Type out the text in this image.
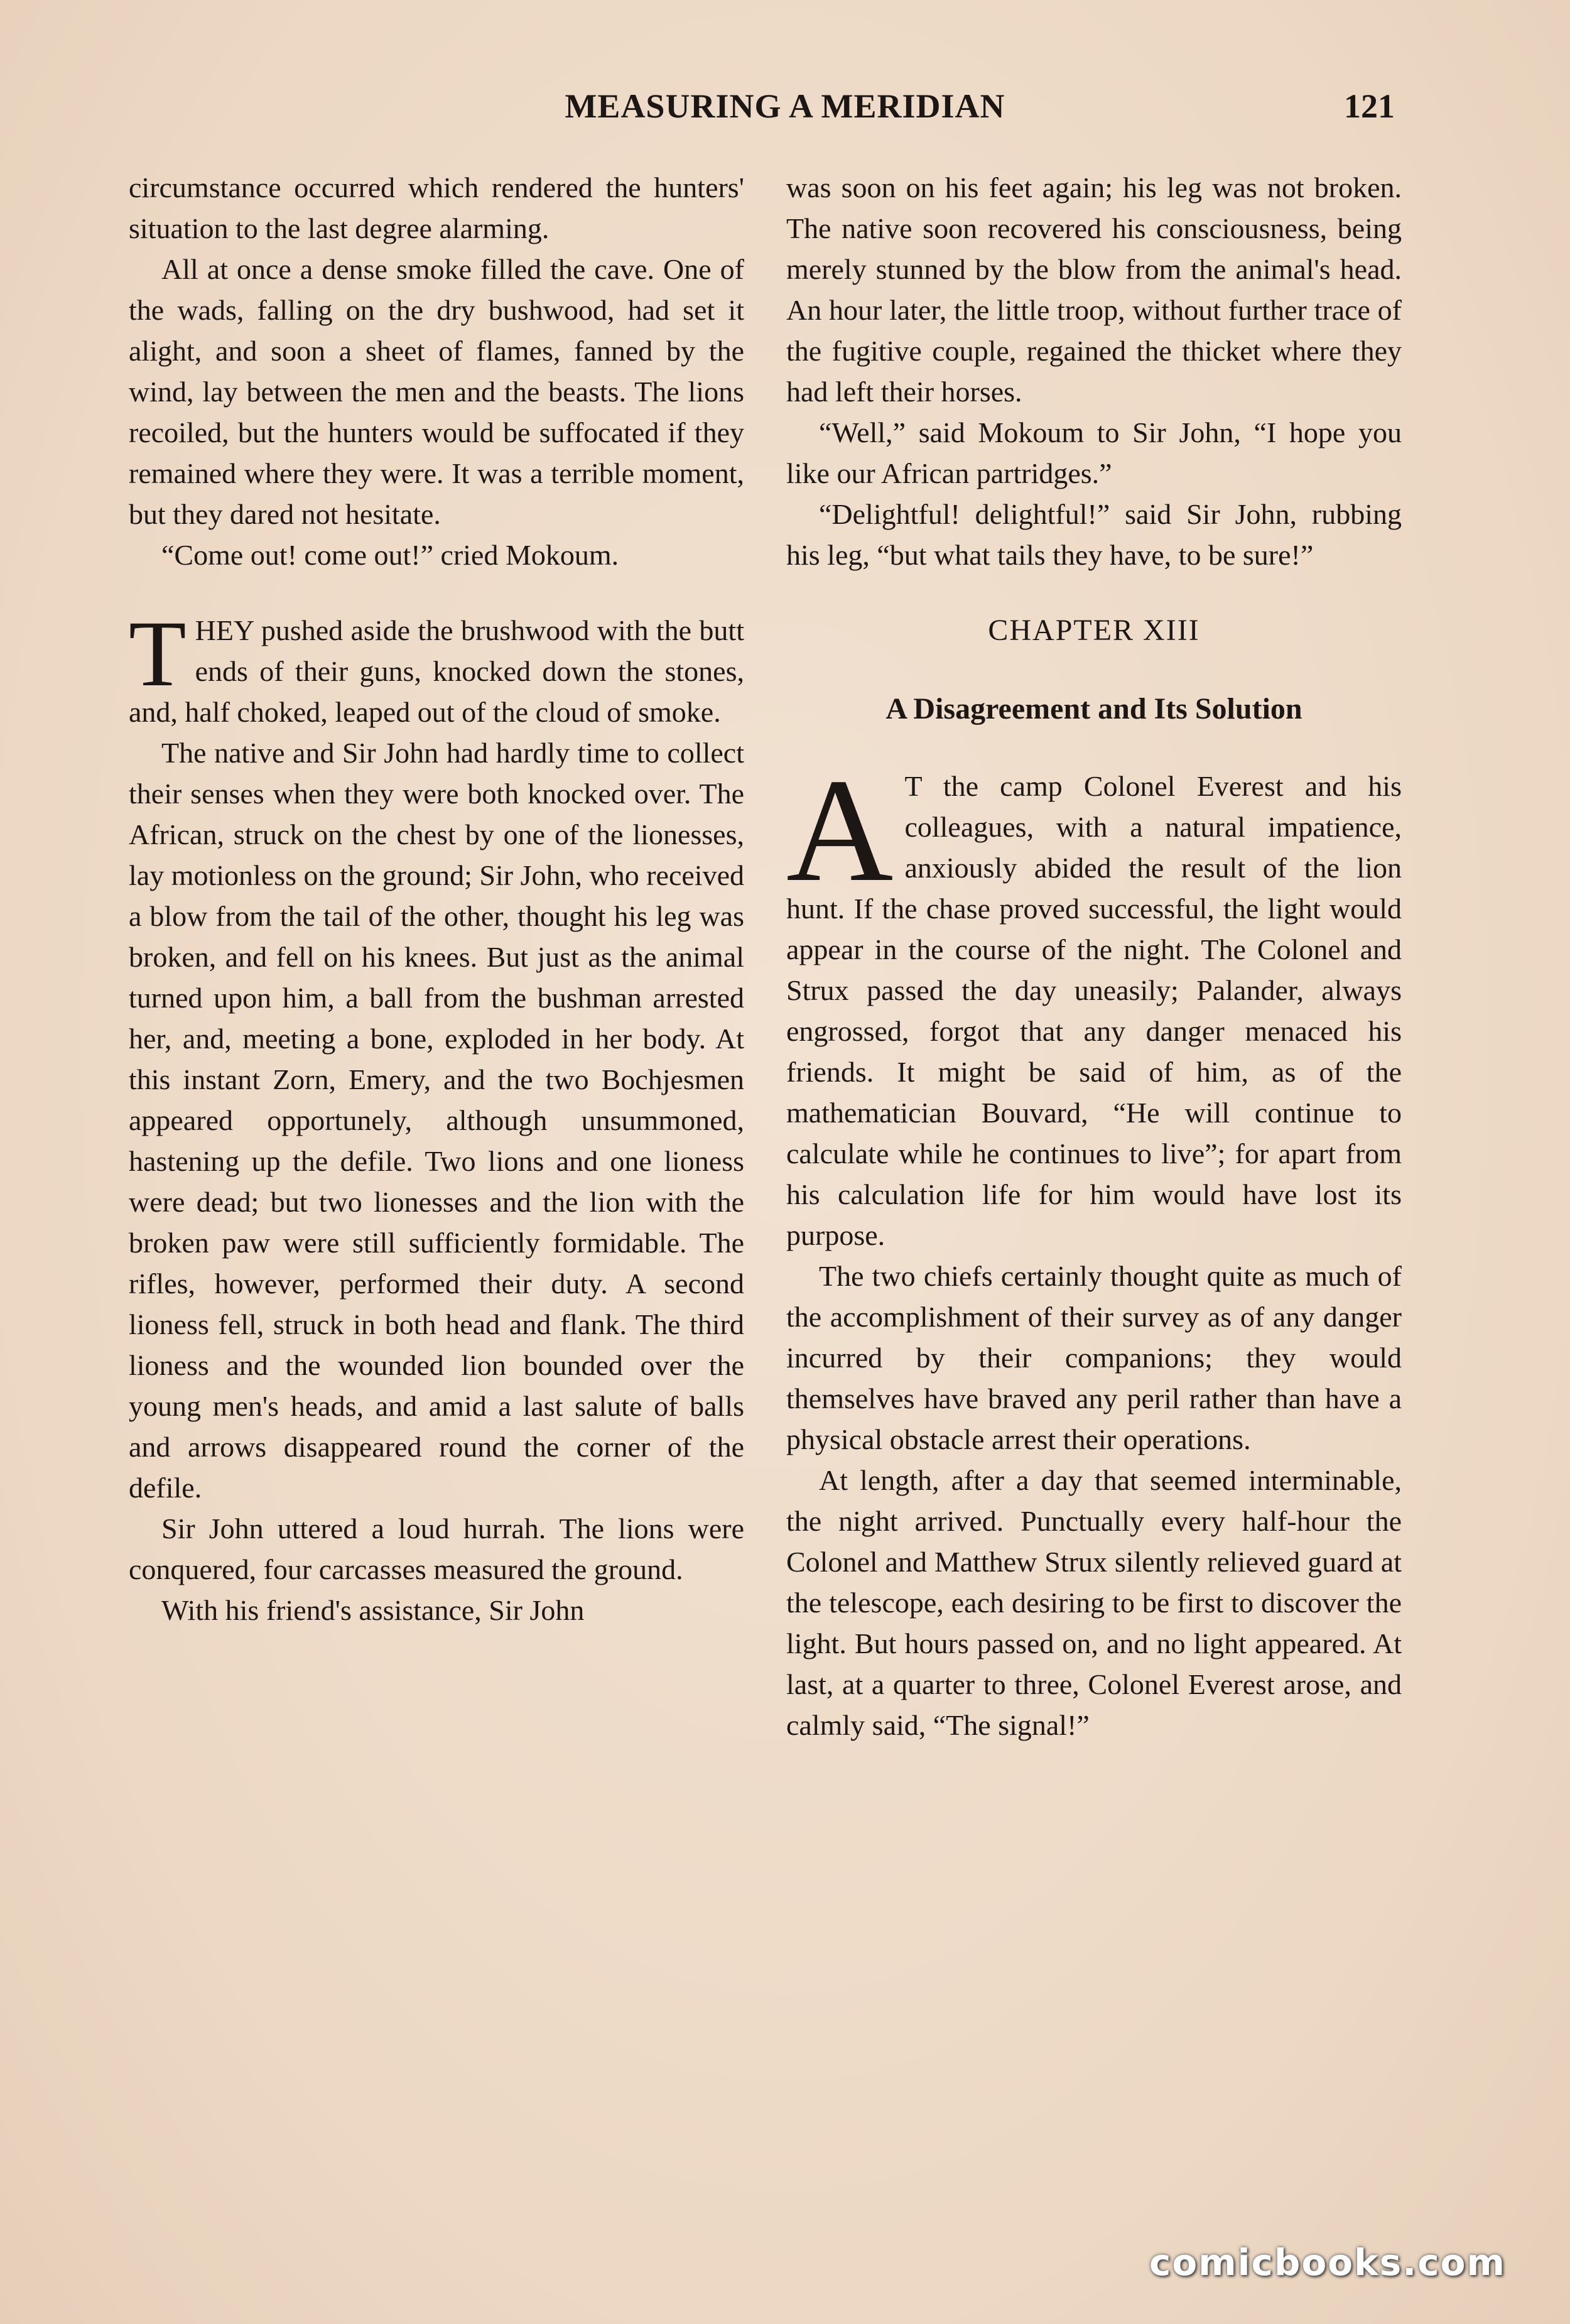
MEASURING A MERIDIAN	121

circumstance occurred which rendered the hunters' situation to the last degree alarming.

All at once a dense smoke filled the cave. One of the wads, falling on the dry bushwood, had set it alight, and soon a sheet of flames, fanned by the wind, lay between the men and the beasts. The lions recoiled, but the hunters would be suffocated if they remained where they were. It was a terrible moment, but they dared not hesitate.

“Come out! come out!” cried Mokoum.

THEY pushed aside the brushwood with the butt ends of their guns, knocked down the stones, and, half choked, leaped out of the cloud of smoke.

The native and Sir John had hardly time to collect their senses when they were both knocked over. The African, struck on the chest by one of the lionesses, lay motionless on the ground; Sir John, who received a blow from the tail of the other, thought his leg was broken, and fell on his knees. But just as the animal turned upon him, a ball from the bushman arrested her, and, meeting a bone, exploded in her body. At this instant Zorn, Emery, and the two Bochjesmen appeared opportunely, although unsummoned, hastening up the defile. Two lions and one lioness were dead; but two lionesses and the lion with the broken paw were still sufficiently formidable. The rifles, however, performed their duty. A second lioness fell, struck in both head and flank. The third lioness and the wounded lion bounded over the young men's heads, and amid a last salute of balls and arrows disappeared round the corner of the defile.

Sir John uttered a loud hurrah. The lions were conquered, four carcasses measured the ground.

With his friend's assistance, Sir John

was soon on his feet again; his leg was not broken. The native soon recovered his consciousness, being merely stunned by the blow from the animal's head. An hour later, the little troop, without further trace of the fugitive couple, regained the thicket where they had left their horses.

“Well,” said Mokoum to Sir John, “I hope you like our African partridges.”

“Delightful! delightful!” said Sir John, rubbing his leg, “but what tails they have, to be sure!”

CHAPTER XIII
A Disagreement and Its Solution

A T the camp Colonel Everest and his colleagues, with a natural impatience, anxiously abided the result of the lion hunt. If the chase proved successful, the light would appear in the course of the night. The Colonel and Strux passed the day uneasily; Palander, always engrossed, forgot that any danger menaced his friends. It might be said of him, as of the mathematician Bouvard, “He will continue to calculate while he continues to live”; for apart from his calculation life for him would have lost its purpose.

The two chiefs certainly thought quite as much of the accomplishment of their survey as of any danger incurred by their companions; they would themselves have braved any peril rather than have a physical obstacle arrest their operations.

At length, after a day that seemed interminable, the night arrived. Punctually every half-hour the Colonel and Matthew Strux silently relieved guard at the telescope, each desiring to be first to discover the light. But hours passed on, and no light appeared. At last, at a quarter to three, Colonel Everest arose, and calmly said, “The signal!”

comicbooks.com
